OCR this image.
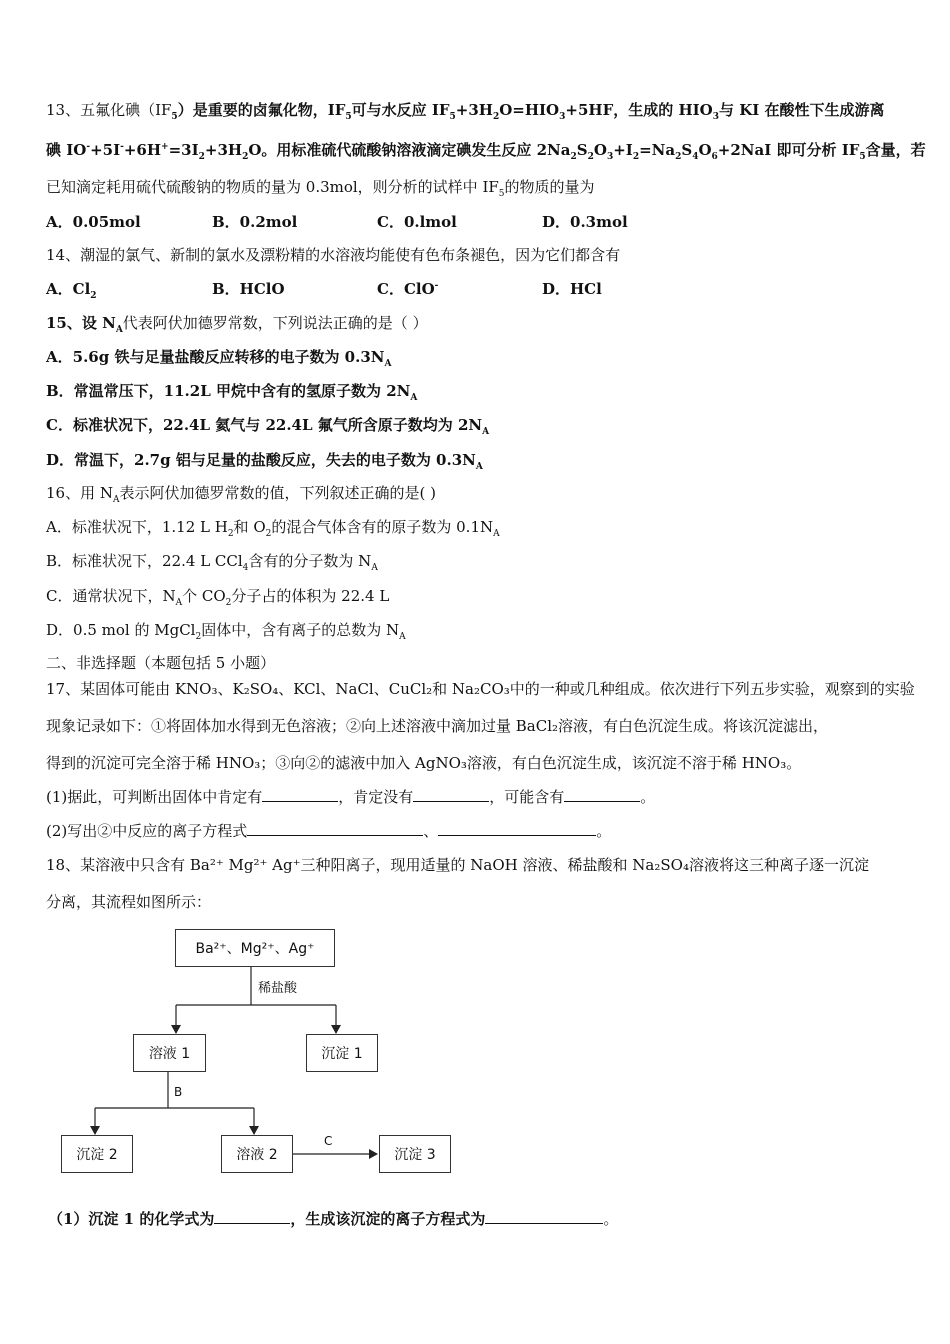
13、五氟化碘$(IF_5)$是重要的卤氟化物，$IF_5$可与水反应 $IF_5+3H_2O=HIO_3+5HF$，生成的 $HIO_3$与 KI 在酸性下生成游离
碘 $IO^-+5I^-+6H^+=3I_2+3H_2O$。用标准硫代硫酸钠溶液滴定碘发生反应 $2Na_2S_2O_3+I_2=Na_2S_4O_6+2NaI$ 即可分析 $IF_5$含量，若
已知滴定耗用硫代硫酸钠的物质的量为 0.3mol，则分析的试样中 $IF_5$的物质的量为
A．0.05mol	B．0.2mol	C．0.lmol	D．0.3mol
14、潮湿的氯气、新制的氯水及漂粉精的水溶液均能使有色布条褪色，因为它们都含有
A．$Cl_2$	B．HClO	C．ClO-	D．HCl
15、设 $N_A$代表阿伏加德罗常数，下列说法正确的是（ ）
A．5.6g 铁与足量盐酸反应转移的电子数为 $0.3N_A$
B．常温常压下，11.2L 甲烷中含有的氢原子数为 $2N_A$
C．标准状况下，22.4L 氦气与 22.4L 氟气所含原子数均为 $2N_A$
D．常温下，2.7g 铝与足量的盐酸反应，失去的电子数为 $0.3N_A$
16、用 $N_A$表示阿伏加德罗常数的值，下列叙述正确的是( )
A．标准状况下，1.12 L $H_2$和 $O_2$的混合气体含有的原子数为 $0.1N_A$
B．标准状况下，22.4 L CCl$_4$含有的分子数为 $N_A$
C．通常状况下，$N_A$个 $CO_2$分子占的体积为 22.4 L
D．0.5 mol 的 MgCl$_2$固体中，含有离子的总数为 $N_A$
二、非选择题（本题包括 5 小题）
17、某固体可能由 KNO₃、K₂SO₄、KCl、NaCl、CuCl₂和 Na₂CO₃中的一种或几种组成。依次进行下列五步实验，观察到的实验
现象记录如下：①将固体加水得到无色溶液；②向上述溶液中滴加过量 BaCl₂溶液，有白色沉淀生成。将该沉淀滤出，
得到的沉淀可完全溶于稀 HNO₃；③向②的滤液中加入 AgNO₃溶液，有白色沉淀生成，该沉淀不溶于稀 HNO₃。
(1)据此，可判断出固体中肯定有	，肯定没有	，可能含有	。
(2)写出②中反应的离子方程式	、	。
18、某溶液中只含有 Ba²⁺ Mg²⁺ Ag⁺三种阳离子，现用适量的 NaOH 溶液、稀盐酸和 Na₂SO₄溶液将这三种离子逐一沉淀
分离，其流程如图所示：
Ba²⁺、Mg²⁺、Ag⁺
稀盐酸
溶液 1	沉淀 1
B
沉淀 2	溶液 2
C
沉淀 3
（1）沉淀 1 的化学式为	，生成该沉淀的离子方程式为	。
